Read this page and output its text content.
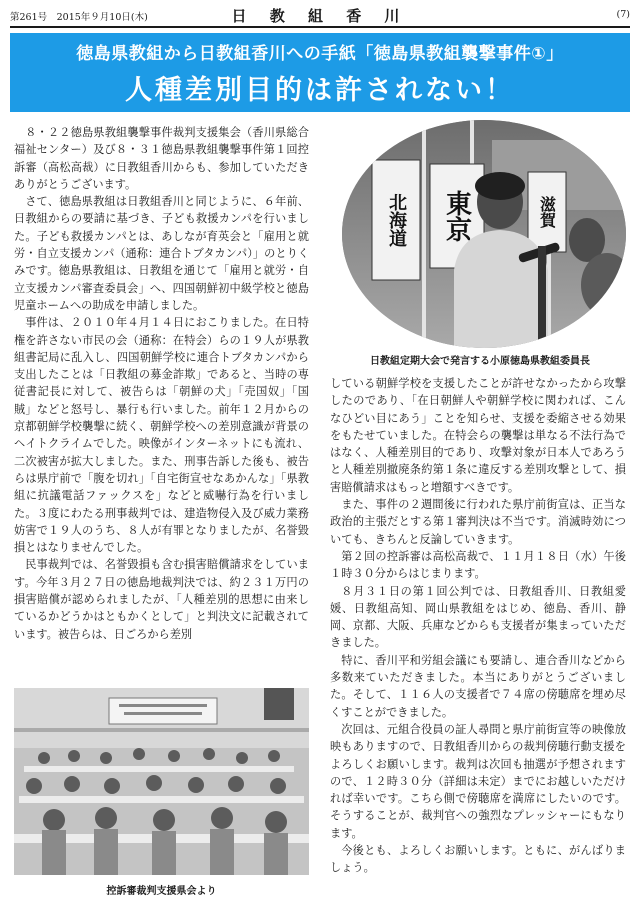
第261号　2015年９月10日(木)	日 教 組 香 川	(7)
徳島県教組から日教組香川への手紙「徳島県教組襲撃事件①」
人種差別目的は許されない！

８・２２徳島県教組襲撃事件裁判支援集会（香川県総合福祉センター）及び８・３１徳島県教組襲撃事件第１回控訴審（高松高裁）に日教組香川からも、参加していただきありがとうございます。

さて、徳島県教組は日教組香川と同じように、６年前、日教組からの要請に基づき、子ども救援カンパを行いました。子ども救援カンパとは、あしなが育英会と「雇用と就労・自立支援カンパ（通称：連合トブタカンパ）」のとりくみです。徳島県教組は、日教組を通じて「雇用と就労・自立支援カンパ審査委員会」へ、四国朝鮮初中級学校と徳島児童ホームへの助成を申請しました。

事件は、２０１０年４月１４日におこりました。在日特権を許さない市民の会（通称：在特会）らの１９人が県教組書記局に乱入し、四国朝鮮学校に連合トブタカンパから支出したことは「日教組の募金詐欺」であると、当時の専従書記長に対して、被告らは「朝鮮の犬」「売国奴」「国賊」などと怒号し、暴行も行いました。前年１２月からの京都朝鮮学校襲撃に続く、朝鮮学校への差別意識が背景のヘイトクライムでした。映像がインターネットにも流れ、二次被害が拡大しました。また、刑事告訴した後も、被告らは県庁前で「腹を切れ」「自宅街宣せなあかんな」「県教組に抗議電話ファックスを」などと威嚇行為を行いました。３度にわたる刑事裁判では、建造物侵入及び威力業務妨害で１９人のうち、８人が有罪となりましたが、名誉毀損とはなりませんでした。

民事裁判では、名誉毀損も含む損害賠償請求をしています。今年３月２７日の徳島地裁判決では、約２３１万円の損害賠償が認められましたが、「人種差別的思想に由来しているかどうかはともかくとして」と判決文に記載されています。被告らは、日ごろから差別

北海道 東京	滋賀
日教組定期大会で発言する小原徳島県教組委員長

している朝鮮学校を支援したことが許せなかったから攻撃したのであり、「在日朝鮮人や朝鮮学校に関われば、こんなひどい目にあう」ことを知らせ、支援を委縮させる効果をもたせていました。在特会らの襲撃は単なる不法行為ではなく、人種差別目的であり、攻撃対象が日本人であろうと人種差別撤廃条約第１条に違反する差別攻撃として、損害賠償請求はもっと増額すべきです。

また、事件の２週間後に行われた県庁前街宣は、正当な政治的主張だとする第１審判決は不当です。消滅時効についても、きちんと反論していきます。

第２回の控訴審は高松高裁で、１１月１８日（水）午後１時３０分からはじまります。

８月３１日の第１回公判では、日教組香川、日教組愛媛、日教組高知、岡山県教組をはじめ、徳島、香川、静岡、京都、大阪、兵庫などからも支援者が集まっていただきました。

特に、香川平和労組会議にも要請し、連合香川などから多数来ていただきました。本当にありがとうございました。そして、１１６人の支援者で７４席の傍聴席を埋め尽くすことができました。

次回は、元組合役員の証人尋問と県庁前街宣等の映像放映もありますので、日教組香川からの裁判傍聴行動支援をよろしくお願いします。裁判は次回も抽選が予想されますので、１２時３０分（詳細は未定）までにお越しいただければ幸いです。こちら側で傍聴席を満席にしたいのです。そうすることが、裁判官への強烈なプレッシャーにもなります。

今後とも、よろしくお願いします。ともに、がんばりましょう。

控訴審裁判支援県会より
